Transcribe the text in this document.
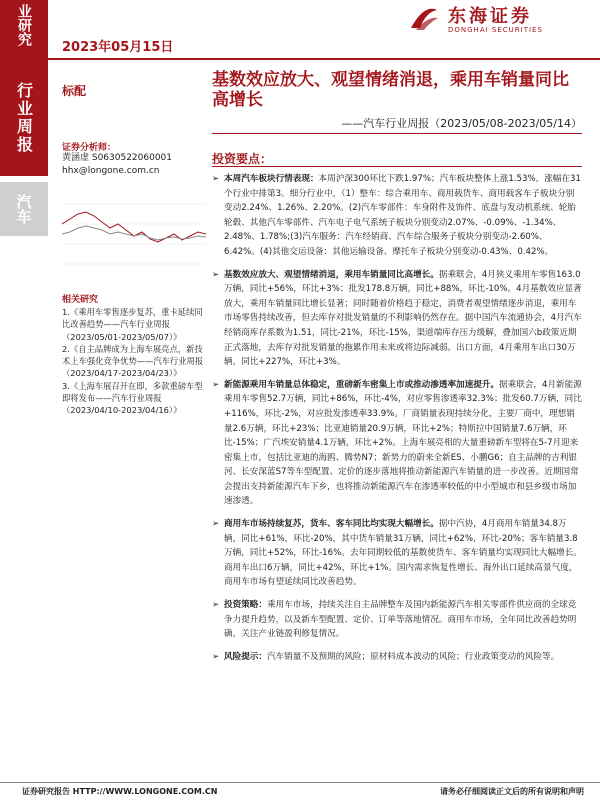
业研究
2023年05月15日
东海证券
DONGHAI SECURITIES
行业周报
汽车
标配
证券分析师：
黄涵虚 S0630522060001
hhx@longone.com.cn
相关研究
1.《乘用车零售逐步复苏，重卡延续同比改善趋势——汽车行业周报（2023/05/01-2023/05/07）》
2.《自主品牌成为上海车展亮点，新技术上车强化竞争优势——汽车行业周报（2023/04/17-2023/04/23）》
3.《上海车展召开在即，多款重磅车型即将发布——汽车行业周报（2023/04/10-2023/04/16）》
基数效应放大、观望情绪消退，乘用车销量同比高增长
——汽车行业周报（2023/05/08-2023/05/14）
投资要点：
➢ 本周汽车板块行情表现：本周沪深300环比下跌1.97%；汽车板块整体上涨1.53%，涨幅在31个行业中排第3。细分行业中，（1）整车：综合乘用车、商用载货车、商用载客车子板块分别变动2.24%、1.26%、2.20%。(2)汽车零部件：车身附件及饰件、底盘与发动机系统、轮胎轮毂、其他汽车零部件、汽车电子电气系统子板块分别变动2.07%、-0.09%、-1.34%、2.48%、1.78%;(3)汽车服务：汽车经销商、汽车综合服务子板块分别变动-2.60%、6.42%。(4)其他交运设备：其他运输设备、摩托车子板块分别变动-0.43%、0.42%。
➢ 基数效应放大、观望情绪消退，乘用车销量同比高增长。据乘联会，4月狭义乘用车零售163.0万辆，同比+56%，环比+3%；批发178.8万辆，同比+88%，环比-10%。4月基数效应显著放大，乘用车销量同比增长显著；同时随着价格趋于稳定，消费者观望情绪逐步消退，乘用车市场零售持续改善，但去库存对批发销量的不利影响仍然存在。据中国汽车流通协会，4月汽车经销商库存系数为1.51，同比-21%，环比-15%，渠道端库存压力缓解，叠加国六b政策近期正式落地，去库存对批发销量的拖累作用未来或将边际减弱。出口方面，4月乘用车出口30万辆，同比+227%，环比+3%。
➢ 新能源乘用车销量总体稳定，重磅新车密集上市或推动渗透率加速提升。据乘联会，4月新能源乘用车零售52.7万辆，同比+86%，环比-4%，对应零售渗透率32.3%；批发60.7万辆，同比+116%，环比-2%，对应批发渗透率33.9%。厂商销量表现持续分化，主要厂商中，理想销量2.6万辆，环比+23%；比亚迪销量20.9万辆，环比+2%；特斯拉中国销量7.6万辆，环比-15%；广汽埃安销量4.1万辆，环比+2%。上海车展亮相的大量重磅新车型将在5-7月迎来密集上市，包括比亚迪的海鸥、腾势N7；新势力的蔚来全新ES、小鹏G6；自主品牌的吉利银河、长安深蓝S7等车型配置、定价的逐步落地将推动新能源汽车销量的进一步改善。近期国常会提出支持新能源汽车下乡，也将推动新能源汽车在渗透率较低的中小型城市和县乡级市场加速渗透。
➢ 商用车市场持续复苏，货车、客车同比均实现大幅增长。据中汽协，4月商用车销量34.8万辆，同比+61%，环比-20%，其中货车销量31万辆，同比+62%，环比-20%；客车销量3.8万辆，同比+52%，环比-16%。去年同期较低的基数使货车、客车销量均实现同比大幅增长。商用车出口6万辆，同比+42%，环比+1%。国内需求恢复性增长、海外出口延续高景气度，商用车市场有望延续同比改善趋势。
➢ 投资策略：乘用车市场，持续关注自主品牌整车及国内新能源汽车相关零部件供应商的全球竞争力提升趋势，以及新车型配置、定价、订单等落地情况。商用车市场，全年同比改善趋势明确，关注产业链盈利修复情况。
➢ 风险提示：汽车销量不及预期的风险；原材料成本波动的风险；行业政策变动的风险等。
证券研究报告 HTTP://WWW.LONGONE.COM.CN	请务必仔细阅读正文后的所有说明和声明
